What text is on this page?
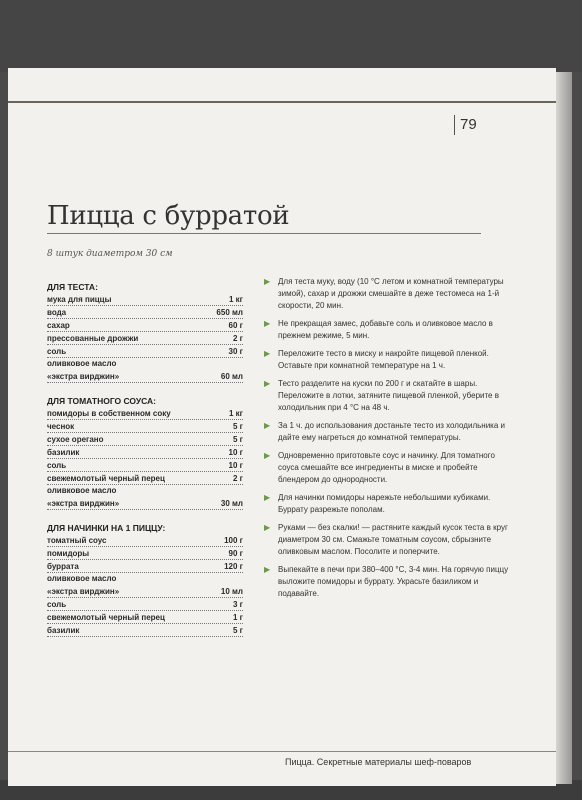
79
Пицца с бурратой
8 штук диаметром 30 см
ДЛЯ ТЕСТА:
мука для пиццы	1 кг
вода	650 мл
сахар	60 г
прессованные дрожжи	2 г
соль	30 г
оливковое масло
«экстра вирджин»	60 мл
ДЛЯ ТОМАТНОГО СОУСА:
помидоры в собственном соку	1 кг
чеснок	5 г
сухое орегано	5 г
базилик	10 г
соль	10 г
свежемолотый черный перец	2 г
оливковое масло
«экстра вирджин»	30 мл
ДЛЯ НАЧИНКИ НА 1 ПИЦЦУ:
томатный соус	100 г
помидоры	90 г
буррата	120 г
оливковое масло
«экстра вирджин»	10 мл
соль	3 г
свежемолотый черный перец	1 г
базилик	5 г
▶ Для теста муку, воду (10 °C летом и комнатной температуры зимой), сахар и дрожжи смешайте в деже тестомеса на 1-й скорости, 20 мин.
▶ Не прекращая замес, добавьте соль и оливковое масло в прежнем режиме, 5 мин.
▶ Переложите тесто в миску и накройте пищевой пленкой. Оставьте при комнатной температуре на 1 ч.
▶ Тесто разделите на куски по 200 г и скатайте в шары. Переложите в лотки, затяните пищевой пленкой, уберите в холодильник при 4 °C на 48 ч.
▶ За 1 ч. до использования достаньте тесто из холодильника и дайте ему нагреться до комнатной температуры.
▶ Одновременно приготовьте соус и начинку. Для томатного соуса смешайте все ингредиенты в миске и пробейте блендером до однородности.
▶ Для начинки помидоры нарежьте небольшими кубиками. Буррату разрежьте пополам.
▶ Руками — без скалки! — растяните каждый кусок теста в круг диаметром 30 см. Смажьте томатным соусом, сбрызните оливковым маслом. Посолите и поперчите.
▶ Выпекайте в печи при 380–400 °C, 3-4 мин. На горячую пиццу выложите помидоры и буррату. Украсьте базиликом и подавайте.
Пицца. Секретные материалы шеф-поваров
